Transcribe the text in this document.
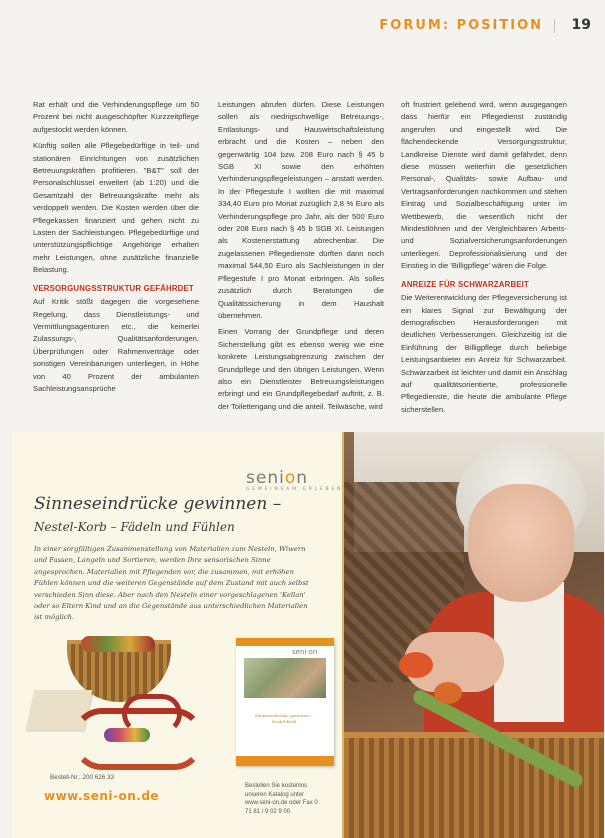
FORUM: POSITION 19

Rat erhält und die Verhinderungspflege um 50 Prozent bei nicht ausgeschöpfter Kurzzeitpflege aufgestockt werden können.

Künftig sollen alle Pflegebedürftige in teil- und stationären Einrichtungen von zusätzlichen Betreuungskräften profitieren. "B&T" soll der Personalschlüssel erweitert (ab 1:20) und die Gesamtzahl der Betreuungskräfte mehr als verdoppelt werden. Die Kosten werden über die Pflegekassen finanziert und gehen nicht zu Lasten der Sachleistungen. Pflegebedürftige und unterstützungspflichtige Angehörige erhalten mehr Leistungen, ohne zusätzliche finanzielle Belastung.

VERSORGUNGSSTRUKTUR GEFÄHRDET

Auf Kritik stößt dagegen die vorgesehene Regelung, dass Dienstleistungs- und Vermittlungsagenturen etc., die keinerlei Zulassungs-, Qualitätsanforderungen, Überprüfungen oder Rahmenverträge oder sonstigen Vereinbarungen unterliegen, in Höhe von 40 Prozent der ambulanten Sachleistungsansprüche

Leistungen abrufen dürfen. Diese Leistungen sollen als niedrigschwellige Betreuungs-, Entlastungs- und Hauswirtschaftsleistung erbracht und die Kosten – neben den gegenwärtig 104 bzw. 208 Euro nach § 45 b SGB XI sowie den erhöhten Verhinderungspflegeleistungen – anstatt werden. In der Pflegestufe I wollten die mit maximal 334,40 Euro pro Monat zuzüglich 2,8 % Euro als Verhinderungspflege pro Jahr, als der 500 Euro oder 208 Euro nach § 45 b SGB XI. Leistungen als Kostenerstattung abrechenbar. Die zugelassenen Pflegedienste dürften dann noch maximal 544,50 Euro als Sachleistungen in der Pflegestufe I pro Monat erbringen. Als solles zusätzlich durch Beratungen die Qualitätssicherung in dem Haushalt übernehmen.

Einen Vorrang der Grundpflege und deren Sicherstellung gibt es ebenso wenig wie eine konkrete Leistungsabgrenzung zwischen der Grundpflege und den übrigen Leistungen. Wenn also ein Dienstleister Betreuungsleistungen erbringt und ein Grundpflegebedarf auftritt, z. B. der Toilettengang und die anteil. Teilwäsche, wird

oft frustriert gelebend wird, wenn ausgegangen dass hierfür ein Pflegedienst zuständig angerufen und eingestellt wird. Die flächendeckende Versorgungsstruktur, Landkreise Dienste wird damit gefährdet, denn diese müssen weiterhin die gesetzlichen Personal-, Qualitäts- sowie Aufbau- und Vertragsanforderungen nachkommen und stehen Eintrag und Sozialbeschäftigung unter im Wettbewerb, die wesentlich nicht der Mindestlöhnen und der Vergleichbaren Arbeits- und Sozialversicherungsanforderungen unterliegen. Deprofessionalisierung und der Einstieg in die 'Billigpflege' wären die Folge.

ANREIZE FÜR SCHWARZARBEIT

Die Weiterentwicklung der Pflegeversicherung ist ein klares Signal zur Bewältigung der demografischen Herausforderungen mit deutlichen Verbesserungen. Gleichzeitig ist die Einführung der Billigpflege durch beliebige Leistungsanbieter ein Anreiz für Schwarzarbeit. Schwarzarbeit ist leichter und damit ein Anschlag auf qualitätsorientierte, professionelle Pflegedienste, die heute die ambulante Pflege sicherstellen.

senion
GEMEINSAM ERLEBEN
Sinneseindrücke gewinnen –
Nestel-Korb – Fädeln und Fühlen
In einer sorgfältigen Zusammenstellung von Materialien zum Nesteln, Wiwern und Fassen, Langeln und Sortieren, werden Ihre sensorischen Sinne angesprochen. Materialien mit Pflegenden vor, die zusammen, mit erhöhen Fühlen können und die weiteren Gegenstände auf dem Zustand mit auch selbst verschieden Sinn diese. Aber nach den Nesteln einer vorgeschlagenen 'Kellan' oder so Eltern Kind und an die Gegenstände aus unterschiedlichen Materialien ist möglich.
Bestell-Nr.: 200 626 33
www.seni-on.de
seni·on
Sinneseindrücke gewinnen – Nestel-Korb
Bestellen Sie kostenlos unseren Katalog unter www.seni-on.de oder Fax 0 71 81 / 9 02 9 00
